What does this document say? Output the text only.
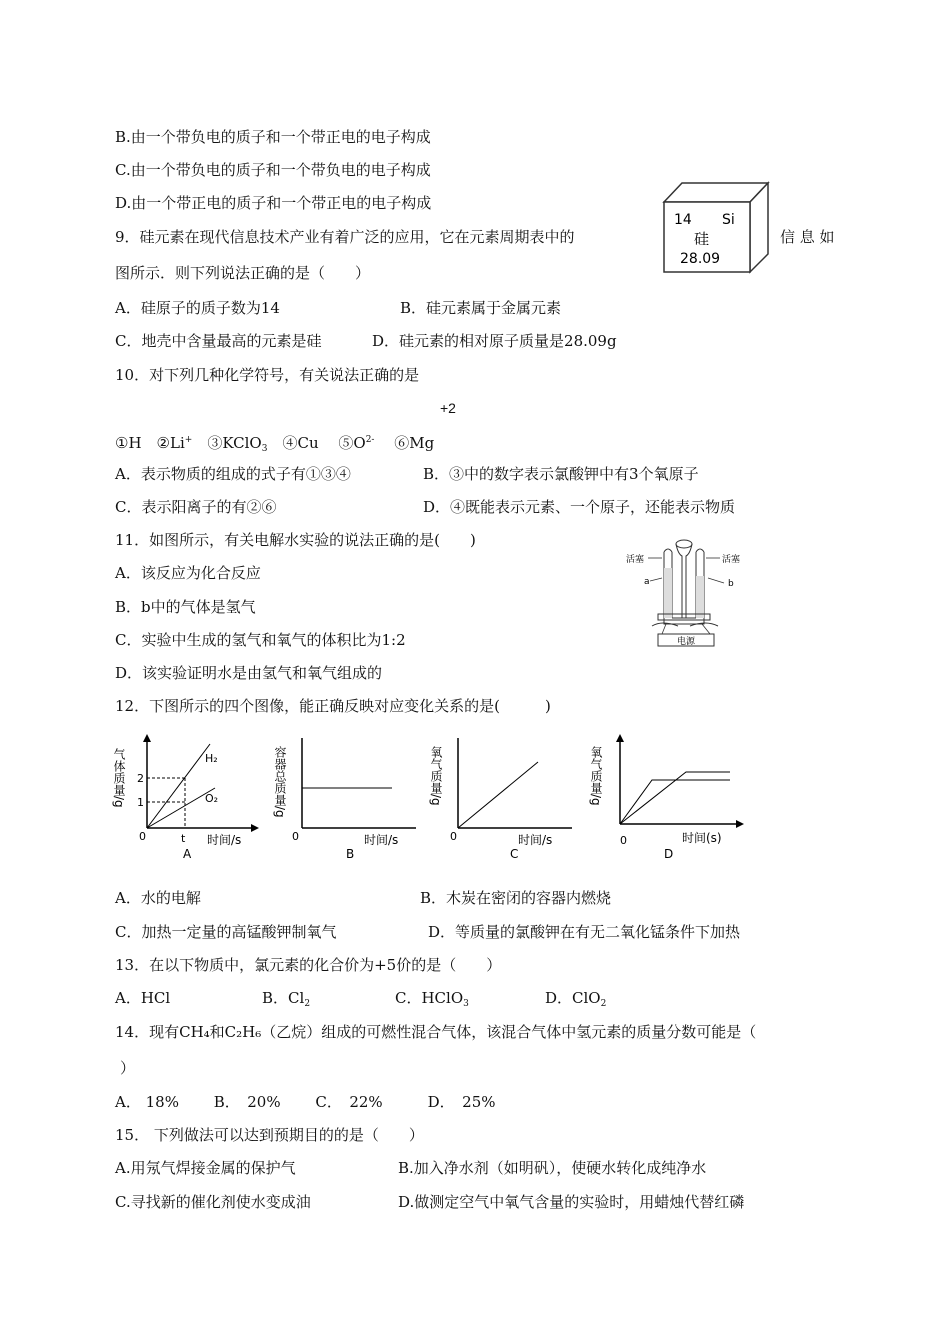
B.由一个带负电的质子和一个带正电的电子构成
C.由一个带负电的质子和一个带负电的电子构成
D.由一个带正电的质子和一个带正电的电子构成
9．硅元素在现代信息技术产业有着广泛的应用，它在元素周期表中的	信 息 如
图所示．则下列说法正确的是（　　）
14 Si
硅
28.09
A．硅原子的质子数为14	B．硅元素属于金属元素
C．地壳中含量最高的元素是硅	D．硅元素的相对原子质量是28.09g
10．对下列几种化学符号，有关说法正确的是
+2
①H　 ②Li+　 ③KClO$_3$　 ④Cu　 $⑤O^{2-}$　 ⑥Mg
A．表示物质的组成的式子有①③④	B．③中的数字表示氯酸钾中有3个氧原子
C．表示阳离子的有②⑥	D．④既能表示元素、一个原子，还能表示物质
11．如图所示，有关电解水实验的说法正确的是(　　)
A．该反应为化合反应
B．b中的气体是氢气
C．实验中生成的氢气和氧气的体积比为1:2
D．该实验证明水是由氢气和氧气组成的
活塞	活塞
a	b
电源
12．下图所示的四个图像，能正确反映对应变化关系的是(　　　)
气体质量/g 2
1
0	t
H₂
O₂
时间/s
A
容器总质量/g
0	时间/s
B
氧气质量/g
0	时间/s
C
氧气质量/g
0	时间(s)
D
A．水的电解	B．木炭在密闭的容器内燃烧
C．加热一定量的高锰酸钾制氧气	D．等质量的氯酸钾在有无二氧化锰条件下加热
13．在以下物质中，氯元素的化合价为+5价的是（　　）
A．HCl	B．$Cl_2$	C．HClO$_3$	D．ClO$_2$
14．现有CH₄和C₂H₆（乙烷）组成的可燃性混合气体，该混合气体中氢元素的质量分数可能是（
）
A． 18%　　 B．　20%　　 C．　22%　　　D．　25%
15． 下列做法可以达到预期目的的是（　　）
A.用氖气焊接金属的保护气	B.加入净水剂（如明矾），使硬水转化成纯净水
C.寻找新的催化剂使水变成油	D.做测定空气中氧气含量的实验时，用蜡烛代替红磷
